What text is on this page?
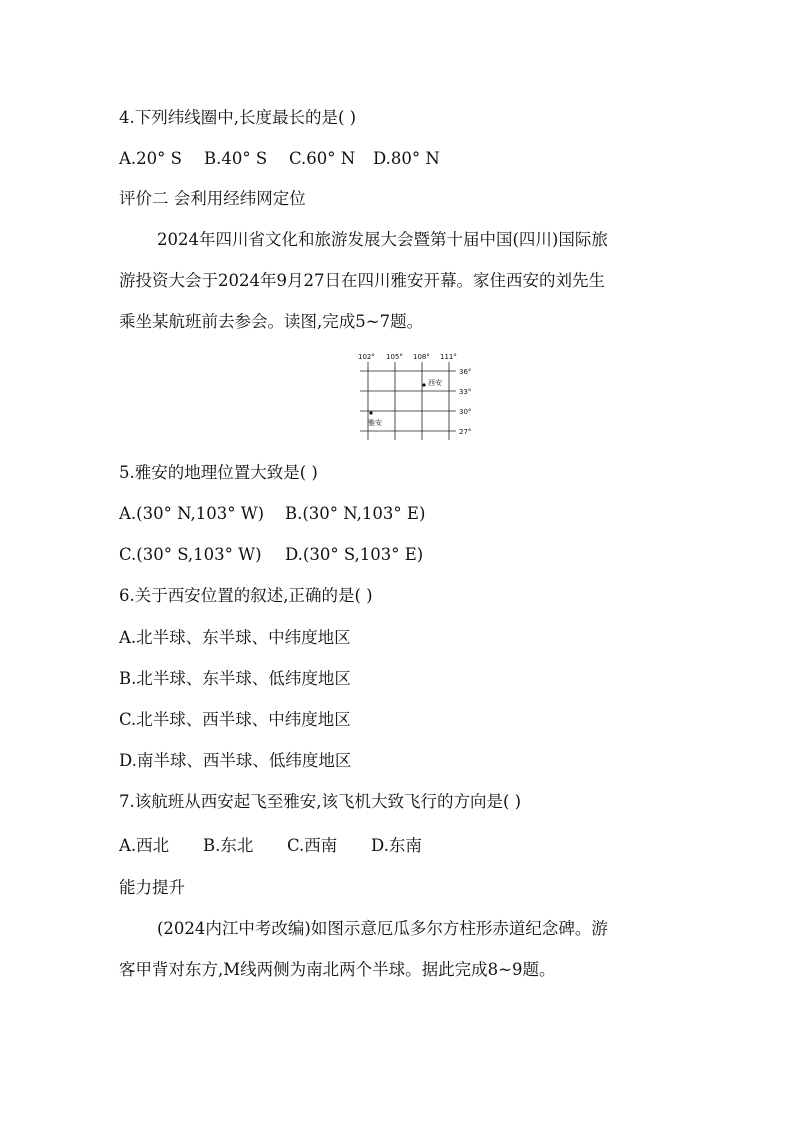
4.下列纬线圈中,长度最长的是( )
A.20° S B.40° S C.60° N D.80° N
评价二 会利用经纬网定位
2024年四川省文化和旅游发展大会暨第十届中国(四川)国际旅
游投资大会于2024年9月27日在四川雅安开幕。家住西安的刘先生
乘坐某航班前去参会。读图,完成5~7题。
102° 105° 108° 111°
36°
33°
30°
27°
西安
雅安
5.雅安的地理位置大致是( )
A.(30° N,103° W) B.(30° N,103° E)
C.(30° S,103° W) D.(30° S,103° E)
6.关于西安位置的叙述,正确的是( )
A.北半球、东半球、中纬度地区
B.北半球、东半球、低纬度地区
C.北半球、西半球、中纬度地区
D.南半球、西半球、低纬度地区
7.该航班从西安起飞至雅安,该飞机大致飞行的方向是( )
A.西北 B.东北 C.西南 D.东南
能力提升
(2024内江中考改编)如图示意厄瓜多尔方柱形赤道纪念碑。游
客甲背对东方,M线两侧为南北两个半球。据此完成8~9题。
